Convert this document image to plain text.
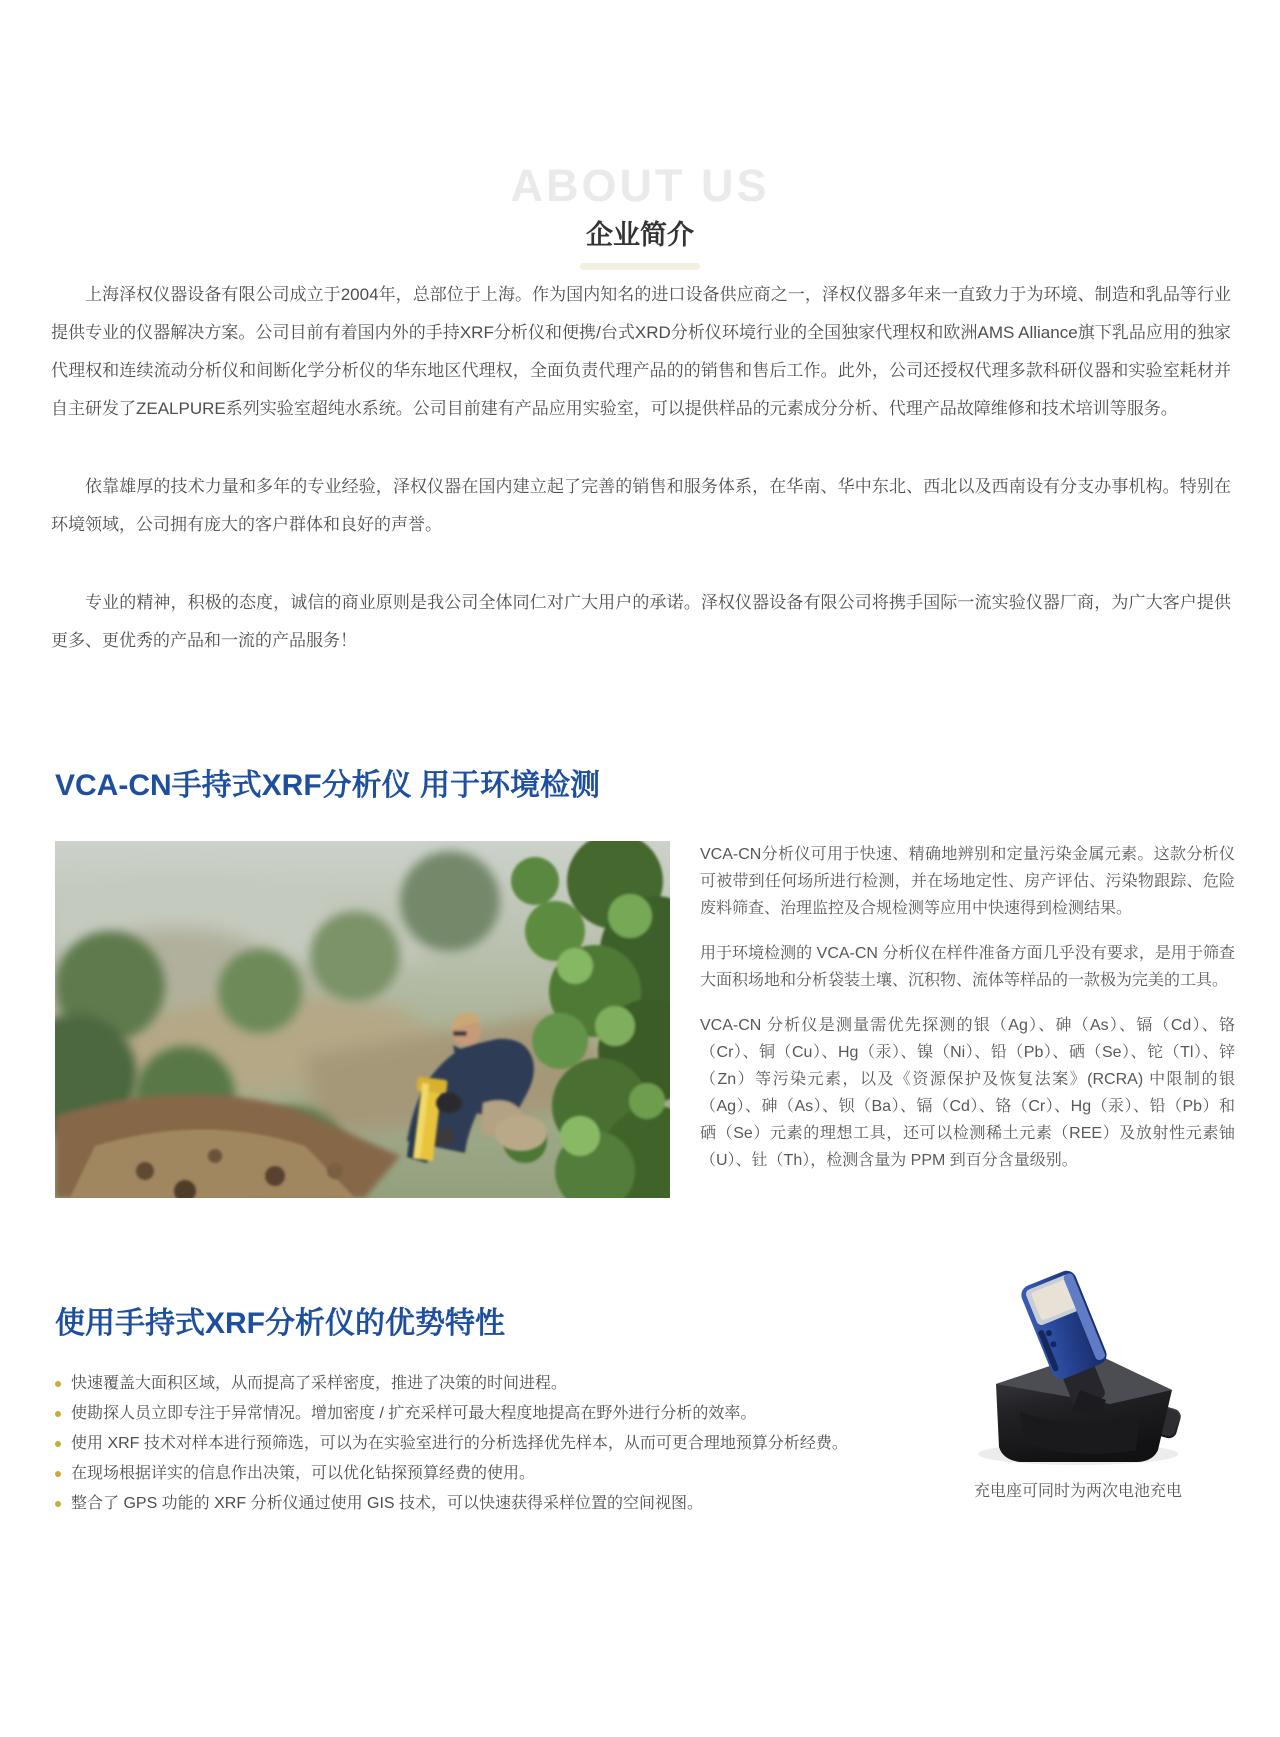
ABOUT US
企业简介

上海泽权仪器设备有限公司成立于2004年，总部位于上海。作为国内知名的进口设备供应商之一，泽权仪器多年来一直致力于为环境、制造和乳品等行业提供专业的仪器解决方案。公司目前有着国内外的手持XRF分析仪和便携/台式XRD分析仪环境行业的全国独家代理权和欧洲AMS Alliance旗下乳品应用的独家代理权和连续流动分析仪和间断化学分析仪的华东地区代理权，全面负责代理产品的的销售和售后工作。此外，公司还授权代理多款科研仪器和实验室耗材并自主研发了ZEALPURE系列实验室超纯水系统。公司目前建有产品应用实验室，可以提供样品的元素成分分析、代理产品故障维修和技术培训等服务。

依靠雄厚的技术力量和多年的专业经验，泽权仪器在国内建立起了完善的销售和服务体系，在华南、华中东北、西北以及西南设有分支办事机构。特别在环境领域，公司拥有庞大的客户群体和良好的声誉。

专业的精神，积极的态度，诚信的商业原则是我公司全体同仁对广大用户的承诺。泽权仪器设备有限公司将携手国际一流实验仪器厂商，为广大客户提供更多、更优秀的产品和一流的产品服务！

VCA-CN手持式XRF分析仪 用于环境检测

VCA-CN分析仪可用于快速、精确地辨别和定量污染金属元素。这款分析仪可被带到任何场所进行检测，并在场地定性、房产评估、污染物跟踪、危险废料筛查、治理监控及合规检测等应用中快速得到检测结果。

用于环境检测的 VCA-CN 分析仪在样件准备方面几乎没有要求，是用于筛查大面积场地和分析袋装土壤、沉积物、流体等样品的一款极为完美的工具。

VCA-CN 分析仪是测量需优先探测的银（Ag）、砷（As）、镉（Cd）、铬（Cr）、铜（Cu）、Hg（汞）、镍（Ni）、铅（Pb）、硒（Se）、铊（Tl）、锌（Zn）等污染元素，以及《资源保护及恢复法案》(RCRA) 中限制的银（Ag）、砷（As）、钡（Ba）、镉（Cd）、铬（Cr）、Hg（汞）、铅（Pb）和硒（Se）元素的理想工具，还可以检测稀土元素（REE）及放射性元素铀（U）、钍（Th），检测含量为 PPM 到百分含量级别。

使用手持式XRF分析仪的优势特性
快速覆盖大面积区域，从而提高了采样密度，推进了决策的时间进程。
使勘探人员立即专注于异常情况。增加密度 / 扩充采样可最大程度地提高在野外进行分析的效率。
使用 XRF 技术对样本进行预筛选，可以为在实验室进行的分析选择优先样本，从而可更合理地预算分析经费。
在现场根据详实的信息作出决策，可以优化钻探预算经费的使用。
整合了 GPS 功能的 XRF 分析仪通过使用 GIS 技术，可以快速获得采样位置的空间视图。
充电座可同时为两次电池充电
